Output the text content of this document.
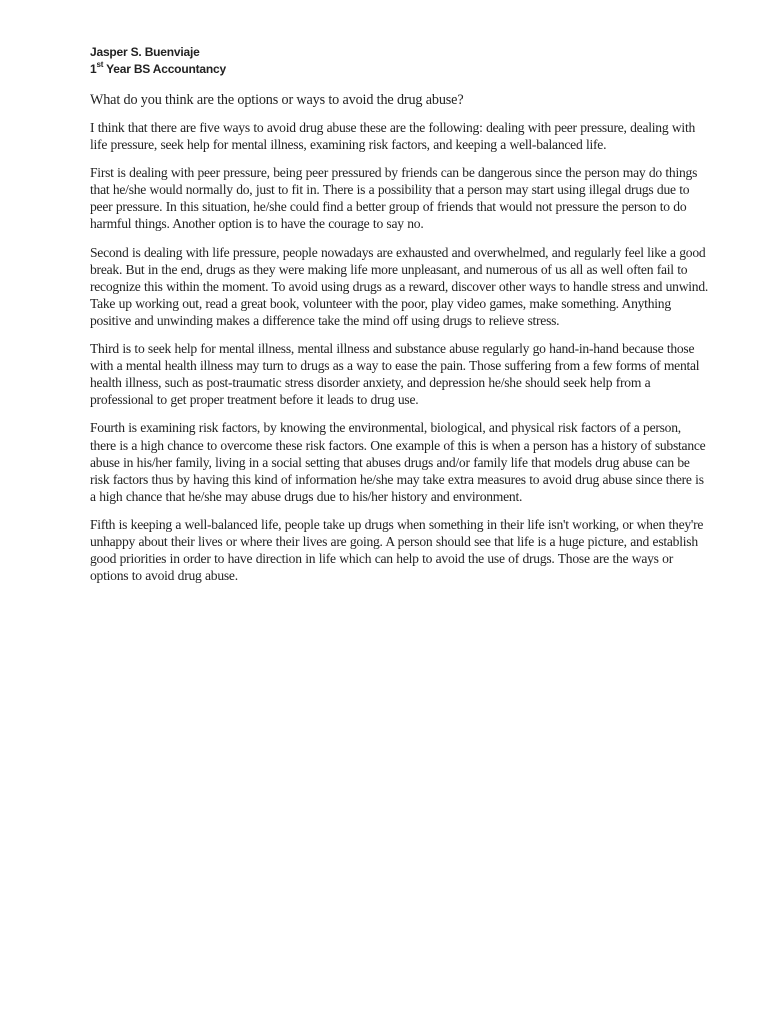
Jasper S. Buenviaje

1st Year BS Accountancy

What do you think are the options or ways to avoid the drug abuse?

I think that there are five ways to avoid drug abuse these are the following: dealing with peer pressure, dealing with life pressure, seek help for mental illness, examining risk factors, and keeping a well-balanced life.

First is dealing with peer pressure, being peer pressured by friends can be dangerous since the person may do things that he/she would normally do, just to fit in. There is a possibility that a person may start using illegal drugs due to peer pressure. In this situation, he/she could find a better group of friends that would not pressure the person to do harmful things. Another option is to have the courage to say no.

Second is dealing with life pressure, people nowadays are exhausted and overwhelmed, and regularly feel like a good break. But in the end, drugs as they were making life more unpleasant, and numerous of us all as well often fail to recognize this within the moment. To avoid using drugs as a reward, discover other ways to handle stress and unwind. Take up working out, read a great book, volunteer with the poor, play video games, make something. Anything positive and unwinding makes a difference take the mind off using drugs to relieve stress.

Third is to seek help for mental illness, mental illness and substance abuse regularly go hand-in-hand because those with a mental health illness may turn to drugs as a way to ease the pain. Those suffering from a few forms of mental health illness, such as post-traumatic stress disorder anxiety, and depression he/she should seek help from a professional to get proper treatment before it leads to drug use.

Fourth is examining risk factors, by knowing the environmental, biological, and physical risk factors of a person, there is a high chance to overcome these risk factors. One example of this is when a person has a history of substance abuse in his/her family, living in a social setting that abuses drugs and/or family life that models drug abuse can be risk factors thus by having this kind of information he/she may take extra measures to avoid drug abuse since there is a high chance that he/she may abuse drugs due to his/her history and environment.

Fifth is keeping a well-balanced life, people take up drugs when something in their life isn't working, or when they're unhappy about their lives or where their lives are going. A person should see that life is a huge picture, and establish good priorities in order to have direction in life which can help to avoid the use of drugs. Those are the ways or options to avoid drug abuse.
